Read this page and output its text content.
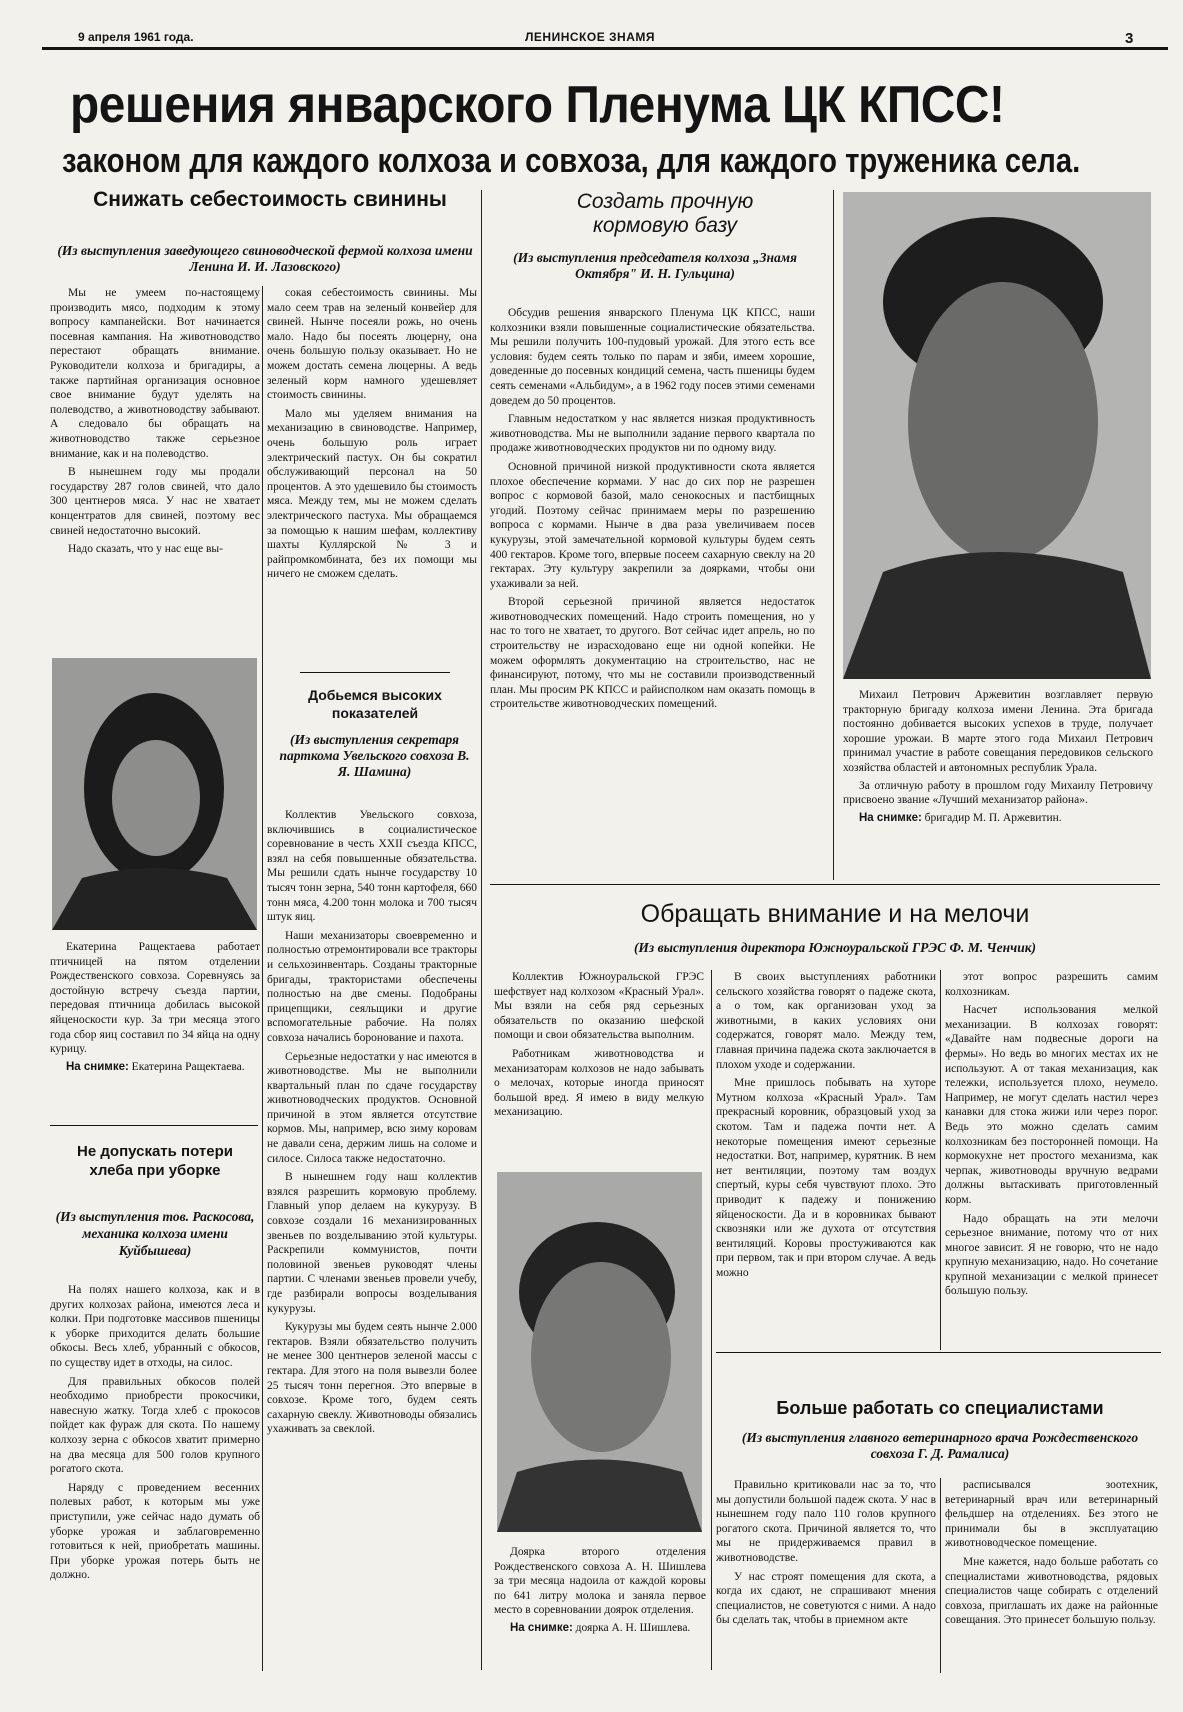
9 апреля 1961 года.	ЛЕНИНСКОЕ ЗНАМЯ	3
решения январского Пленума ЦК КПСС!
законом для каждого колхоза и совхоза, для каждого труженика села.
Снижать себестоимость свинины
(Из выступления заведующего свиноводческой фермой колхоза имени Ленина И. И. Лазовского)

Мы не умеем по-настоящему производить мясо, подходим к этому вопросу кампанейски. Вот начинается посевная кампания. На животноводство перестают обращать внимание. Руководители колхоза и бригадиры, а также партийная организация основное свое внимание будут уделять на полеводство, а животноводству забывают. А следовало бы обращать на животноводство также серьезное внимание, как и на полеводство.

В нынешнем году мы продали государству 287 голов свиней, что дало 300 центнеров мяса. У нас не хватает концентратов для свиней, поэтому вес свиней недостаточно высокий.

Надо сказать, что у нас еще вы-

сокая себестоимость свинины. Мы мало сеем трав на зеленый конвейер для свиней. Нынче посеяли рожь, но очень мало. Надо бы посеять люцерну, она очень большую пользу оказывает. Но не можем достать семена люцерны. А ведь зеленый корм намного удешевляет стоимость свинины.

Мало мы уделяем внимания на механизацию в свиноводстве. Например, очень большую роль играет электрический пастух. Он бы сократил обслуживающий персонал на 50 процентов. А это удешевило бы стоимость мяса. Между тем, мы не можем сделать электрического пастуха. Мы обращаемся за помощью к нашим шефам, коллективу шахты Куллярской № 3 и райпромкомбината, без их помощи мы ничего не сможем сделать.

Екатерина Ращектаева работает птичницей на пятом отделении Рождественского совхоза. Соревнуясь за достойную встречу съезда партии, передовая птичница добилась высокой яйценоскости кур. За три месяца этого года сбор яиц составил по 34 яйца на одну курицу.

На снимке: Екатерина Ращектаева.

Не допускать потери хлеба при уборке
(Из выступления тов. Раскосова, механика колхоза имени Куйбышева)

На полях нашего колхоза, как и в других колхозах района, имеются леса и колки. При подготовке массивов пшеницы к уборке приходится делать большие обкосы. Весь хлеб, убранный с обкосов, по существу идет в отходы, на силос.

Для правильных обкосов полей необходимо приобрести прокосчики, навесную жатку. Тогда хлеб с прокосов пойдет как фураж для скота. По нашему колхозу зерна с обкосов хватит примерно на два месяца для 500 голов крупного рогатого скота.

Наряду с проведением весенних полевых работ, к которым мы уже приступили, уже сейчас надо думать об уборке урожая и заблаговременно готовиться к ней, приобретать машины. При уборке урожая потерь быть не должно.

Добьемся высоких показателей
(Из выступления секретаря парткома Увельского совхоза В. Я. Шамина)

Коллектив Увельского совхоза, включившись в социалистическое соревнование в честь XXII съезда КПСС, взял на себя повышенные обязательства. Мы решили сдать нынче государству 10 тысяч тонн зерна, 540 тонн картофеля, 660 тонн мяса, 4.200 тонн молока и 700 тысяч штук яиц.

Наши механизаторы своевременно и полностью отремонтировали все тракторы и сельхозинвентарь. Созданы тракторные бригады, трактористами обеспечены полностью на две смены. Подобраны прицепщики, сеяльщики и другие вспомогательные рабочие. На полях совхоза начались боронование и пахота.

Серьезные недостатки у нас имеются в животноводстве. Мы не выполнили квартальный план по сдаче государству животноводческих продуктов. Основной причиной в этом является отсутствие кормов. Мы, например, всю зиму коровам не давали сена, держим лишь на соломе и силосе. Силоса также недостаточно.

В нынешнем году наш коллектив взялся разрешить кормовую проблему. Главный упор делаем на кукурузу. В совхозе создали 16 механизированных звеньев по возделыванию этой культуры. Раскрепили коммунистов, почти половиной звеньев руководят члены партии. С членами звеньев провели учебу, где разбирали вопросы возделывания кукурузы.

Кукурузы мы будем сеять нынче 2.000 гектаров. Взяли обязательство получить не менее 300 центнеров зеленой массы с гектара. Для этого на поля вывезли более 25 тысяч тонн перегноя. Это впервые в совхозе. Кроме того, будем сеять сахарную свеклу. Животноводы обязались ухаживать за свеклой.

Создать прочную кормовую базу
(Из выступления председателя колхоза „Знамя Октября" И. Н. Гульцина)

Обсудив решения январского Пленума ЦК КПСС, наши колхозники взяли повышенные социалистические обязательства. Мы решили получить 100-пудовый урожай. Для этого есть все условия: будем сеять только по парам и зяби, имеем хорошие, доведенные до посевных кондиций семена, часть пшеницы будем сеять семенами «Альбидум», а в 1962 году посев этими семенами доведем до 50 процентов.

Главным недостатком у нас является низкая продуктивность животноводства. Мы не выполнили задание первого квартала по продаже животноводческих продуктов ни по одному виду.

Основной причиной низкой продуктивности скота является плохое обеспечение кормами. У нас до сих пор не разрешен вопрос с кормовой базой, мало сенокосных и пастбищных угодий. Поэтому сейчас принимаем меры по разрешению вопроса с кормами. Нынче в два раза увеличиваем посев кукурузы, этой замечательной кормовой культуры будем сеять 400 гектаров. Кроме того, впервые посеем сахарную свеклу на 20 гектарах. Эту культуру закрепили за доярками, чтобы они ухаживали за ней.

Второй серьезной причиной является недостаток животноводческих помещений. Надо строить помещения, но у нас то того не хватает, то другого. Вот сейчас идет апрель, но по строительству не израсходовано еще ни одной копейки. Не можем оформлять документацию на строительство, нас не финансируют, потому, что мы не составили производственный план. Мы просим РК КПСС и райисполком нам оказать помощь в строительстве животноводческих помещений.

Михаил Петрович Аржевитин возглавляет первую тракторную бригаду колхоза имени Ленина. Эта бригада постоянно добивается высоких успехов в труде, получает хорошие урожаи. В марте этого года Михаил Петрович принимал участие в работе совещания передовиков сельского хозяйства областей и автономных республик Урала.

За отличную работу в прошлом году Михаилу Петровичу присвоено звание «Лучший механизатор района».

На снимке: бригадир М. П. Аржевитин.

Обращать внимание и на мелочи
(Из выступления директора Южноуральской ГРЭС Ф. М. Ченчик)

Коллектив Южноуральской ГРЭС шефствует над колхозом «Красный Урал». Мы взяли на себя ряд серьезных обязательств по оказанию шефской помощи и свои обязательства выполним.

Работникам животноводства и механизаторам колхозов не надо забывать о мелочах, которые иногда приносят большой вред. Я имею в виду мелкую механизацию.

В своих выступлениях работники сельского хозяйства говорят о падеже скота, а о том, как организован уход за животными, в каких условиях они содержатся, говорят мало. Между тем, главная причина падежа скота заключается в плохом уходе и содержании.

Мне пришлось побывать на хуторе Мутном колхоза «Красный Урал». Там прекрасный коровник, образцовый уход за скотом. Там и падежа почти нет. А некоторые помещения имеют серьезные недостатки. Вот, например, курятник. В нем нет вентиляции, поэтому там воздух спертый, куры себя чувствуют плохо. Это приводит к падежу и понижению яйценоскости. Да и в коровниках бывают сквозняки или же духота от отсутствия вентиляций. Коровы простуживаются как при первом, так и при втором случае. А ведь можно

этот вопрос разрешить самим колхозникам.

Насчет использования мелкой механизации. В колхозах говорят: «Давайте нам подвесные дороги на фермы». Но ведь во многих местах их не используют. А от такая механизация, как тележки, используется плохо, неумело. Например, не могут сделать настил через канавки для стока жижи или через порог. Ведь это можно сделать самим колхозникам без посторонней помощи. На кормокухне нет простого механизма, как черпак, животноводы вручную ведрами должны вытаскивать приготовленный корм.

Надо обращать на эти мелочи серьезное внимание, потому что от них многое зависит. Я не говорю, что не надо крупную механизацию, надо. Но сочетание крупной механизации с мелкой принесет большую пользу.

Доярка второго отделения Рождественского совхоза А. Н. Шишлева за три месяца надоила от каждой коровы по 641 литру молока и заняла первое место в соревновании доярок отделения.

На снимке: доярка А. Н. Шишлева.

Больше работать со специалистами
(Из выступления главного ветеринарного врача Рождественского совхоза Г. Д. Рамалиса)

Правильно критиковали нас за то, что мы допустили большой падеж скота. У нас в нынешнем году пало 110 голов крупного рогатого скота. Причиной является то, что мы не придерживаемся правил в животноводстве.

У нас строят помещения для скота, а когда их сдают, не спрашивают мнения специалистов, не советуются с ними. А надо бы сделать так, чтобы в приемном акте

расписывался зоотехник, ветеринарный врач или ветеринарный фельдшер на отделениях. Без этого не принимали бы в эксплуатацию животноводческое помещение.

Мне кажется, надо больше работать со специалистами животноводства, рядовых специалистов чаще собирать с отделений совхоза, приглашать их даже на районные совещания. Это принесет большую пользу.
